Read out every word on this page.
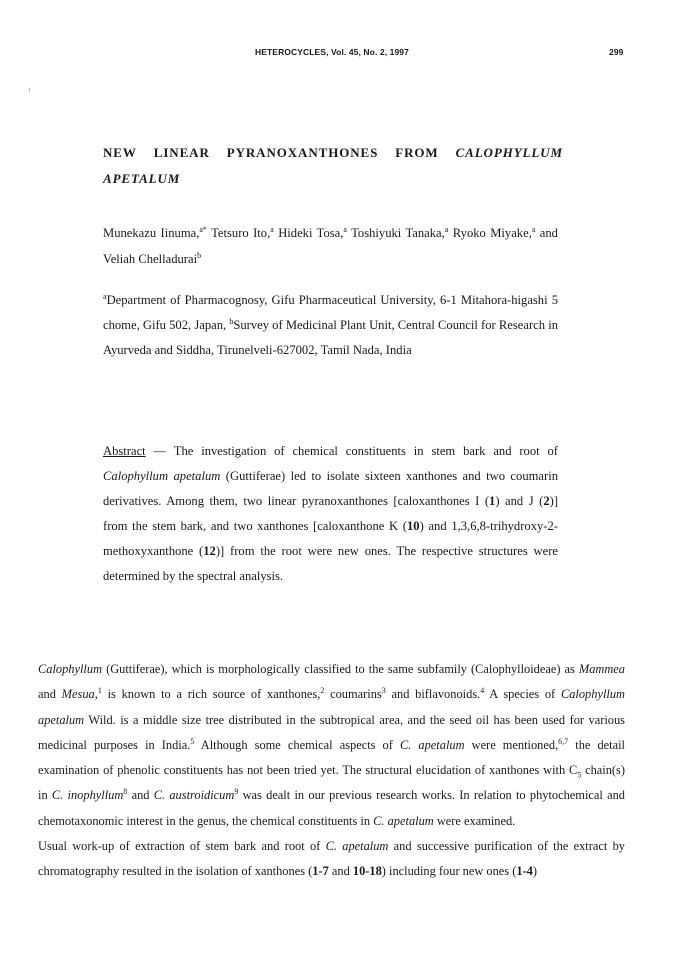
HETEROCYCLES, Vol. 45, No. 2, 1997	299
NEW LINEAR PYRANOXANTHONES FROM CALOPHYLLUM
APETALUM
Munekazu Iinuma,$^{a*}$ Tetsuro Ito,$^a$ Hideki Tosa,$^a$ Toshiyuki Tanaka,$^a$ Ryoko Miyake,$^a$ and Veliah Chelladurai$^b$
$^a$Department of Pharmacognosy, Gifu Pharmaceutical University, 6-1 Mitahora-higashi 5 chome, Gifu 502, Japan, $^b$Survey of Medicinal Plant Unit, Central Council for Research in Ayurveda and Siddha, Tirunelveli-627002, Tamil Nada, India
Abstract — The investigation of chemical constituents in stem bark and root of Calophyllum apetalum (Guttiferae) led to isolate sixteen xanthones and two coumarin derivatives. Among them, two linear pyranoxanthones [caloxanthones I (1) and J (2)] from the stem bark, and two xanthones [caloxanthone K (10) and 1,3,6,8-trihydroxy-2-methoxyxanthone (12)] from the root were new ones. The respective structures were determined by the spectral analysis.

Calophyllum (Guttiferae), which is morphologically classified to the same subfamily (Calophylloideae) as Mammea and Mesua,$^1$ is known to a rich source of xanthones,$^2$ coumarins$^3$ and biflavonoids.$^4$ A species of Calophyllum apetalum Wild. is a middle size tree distributed in the subtropical area, and the seed oil has been used for various medicinal purposes in India.$^5$ Although some chemical aspects of C. apetalum were mentioned,$^{6,7}$ the detail examination of phenolic constituents has not been tried yet. The structural elucidation of xanthones with $C_5$ chain(s) in C. inophyllum$^8$ and C. austroidicum$^9$ was dealt in our previous research works. In relation to phytochemical and chemotaxonomic interest in the genus, the chemical constituents in C. apetalum were examined.

Usual work-up of extraction of stem bark and root of C. apetalum and successive purification of the extract by chromatography resulted in the isolation of xanthones (1-7 and 10-18) including four new ones (1-4)
